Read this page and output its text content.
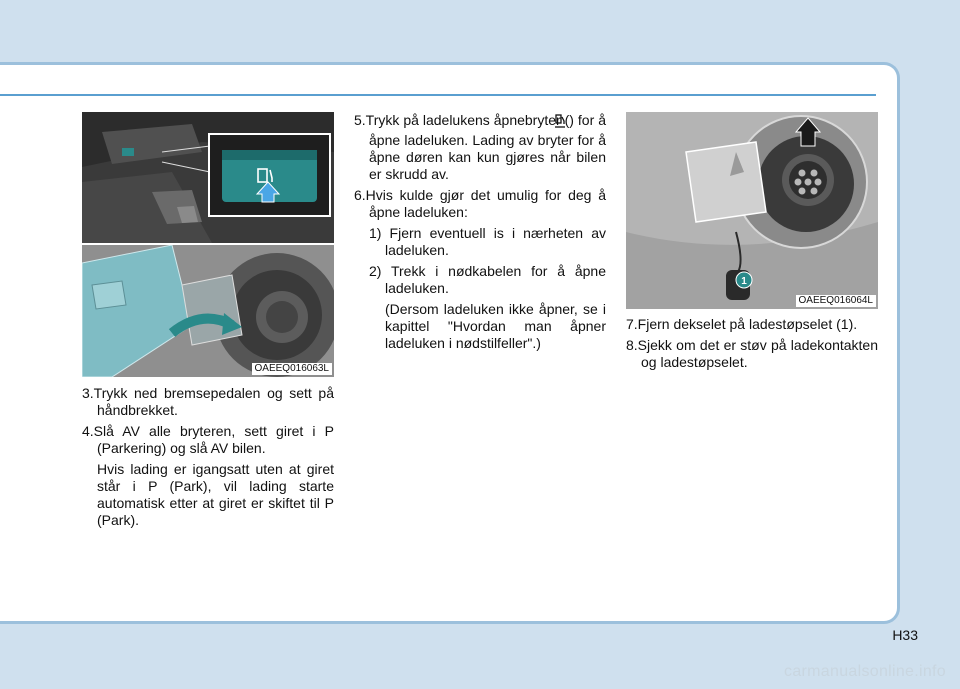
OAEEQ016063L

3.Trykk ned bremsepedalen og sett på håndbrekket.

4.Slå AV alle bryteren, sett giret i P (Parkering) og slå AV bilen.

Hvis lading er igangsatt uten at giret står i P (Park), vil lading starte automatisk etter at giret er skiftet til P (Park).

5.Trykk på ladelukens åpnebryter () for å åpne ladeluken. Lading av bryter for å åpne døren kan kun gjøres når bilen er skrudd av.

6.Hvis kulde gjør det umulig for deg å åpne ladeluken:

1) Fjern eventuell is i nærheten av ladeluken.

2) Trekk i nødkabelen for å åpne ladeluken.

(Dersom ladeluken ikke åpner, se i kapittel "Hvordan man åpner ladeluken i nødstilfeller".)

1
OAEEQ016064L

7.Fjern dekselet på ladestøpselet (1).

8.Sjekk om det er støv på ladekontakten og ladestøpselet.

H33
carmanualsonline.info
